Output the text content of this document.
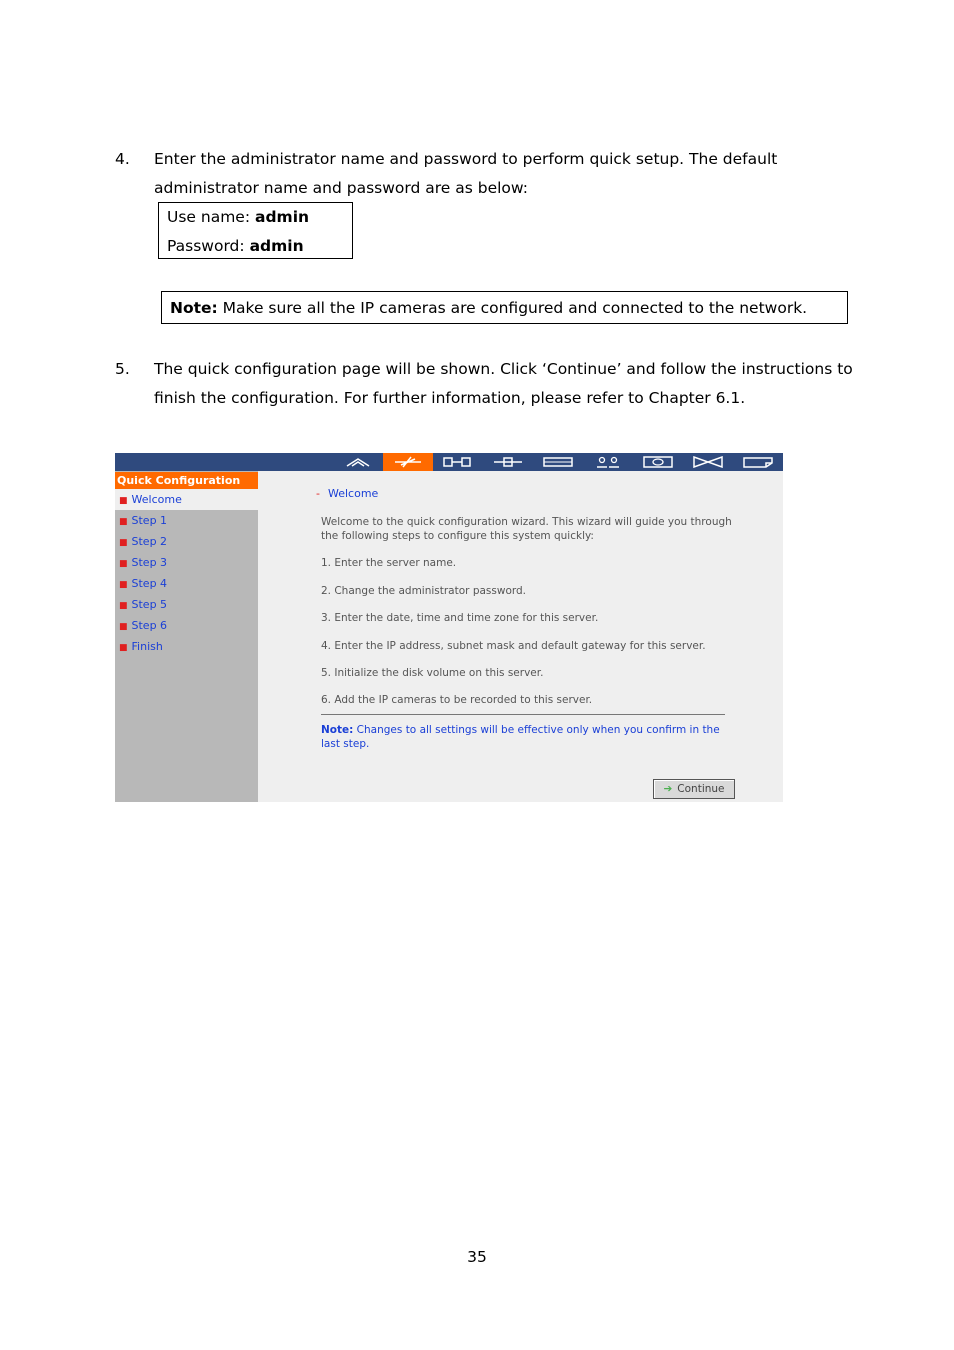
4. Enter the administrator name and password to perform quick setup. The default administrator name and password are as below:
Use name: admin
Password: admin
Note: Make sure all the IP cameras are configured and connected to the network.
5. The quick configuration page will be shown. Click ‘Continue’ and follow the instructions to finish the configuration. For further information, please refer to Chapter 6.1.
Quick Configuration
■ Welcome
■ Step 1
■ Step 2
■ Step 3
■ Step 4
■ Step 5
■ Step 6
■ Finish
- Welcome
Welcome to the quick configuration wizard. This wizard will guide you through
the following steps to configure this system quickly:
1. Enter the server name.
2. Change the administrator password.
3. Enter the date, time and time zone for this server.
4. Enter the IP address, subnet mask and default gateway for this server.
5. Initialize the disk volume on this server.
6. Add the IP cameras to be recorded to this server.
Note: Changes to all settings will be effective only when you confirm in the last step.
➔ Continue
35
